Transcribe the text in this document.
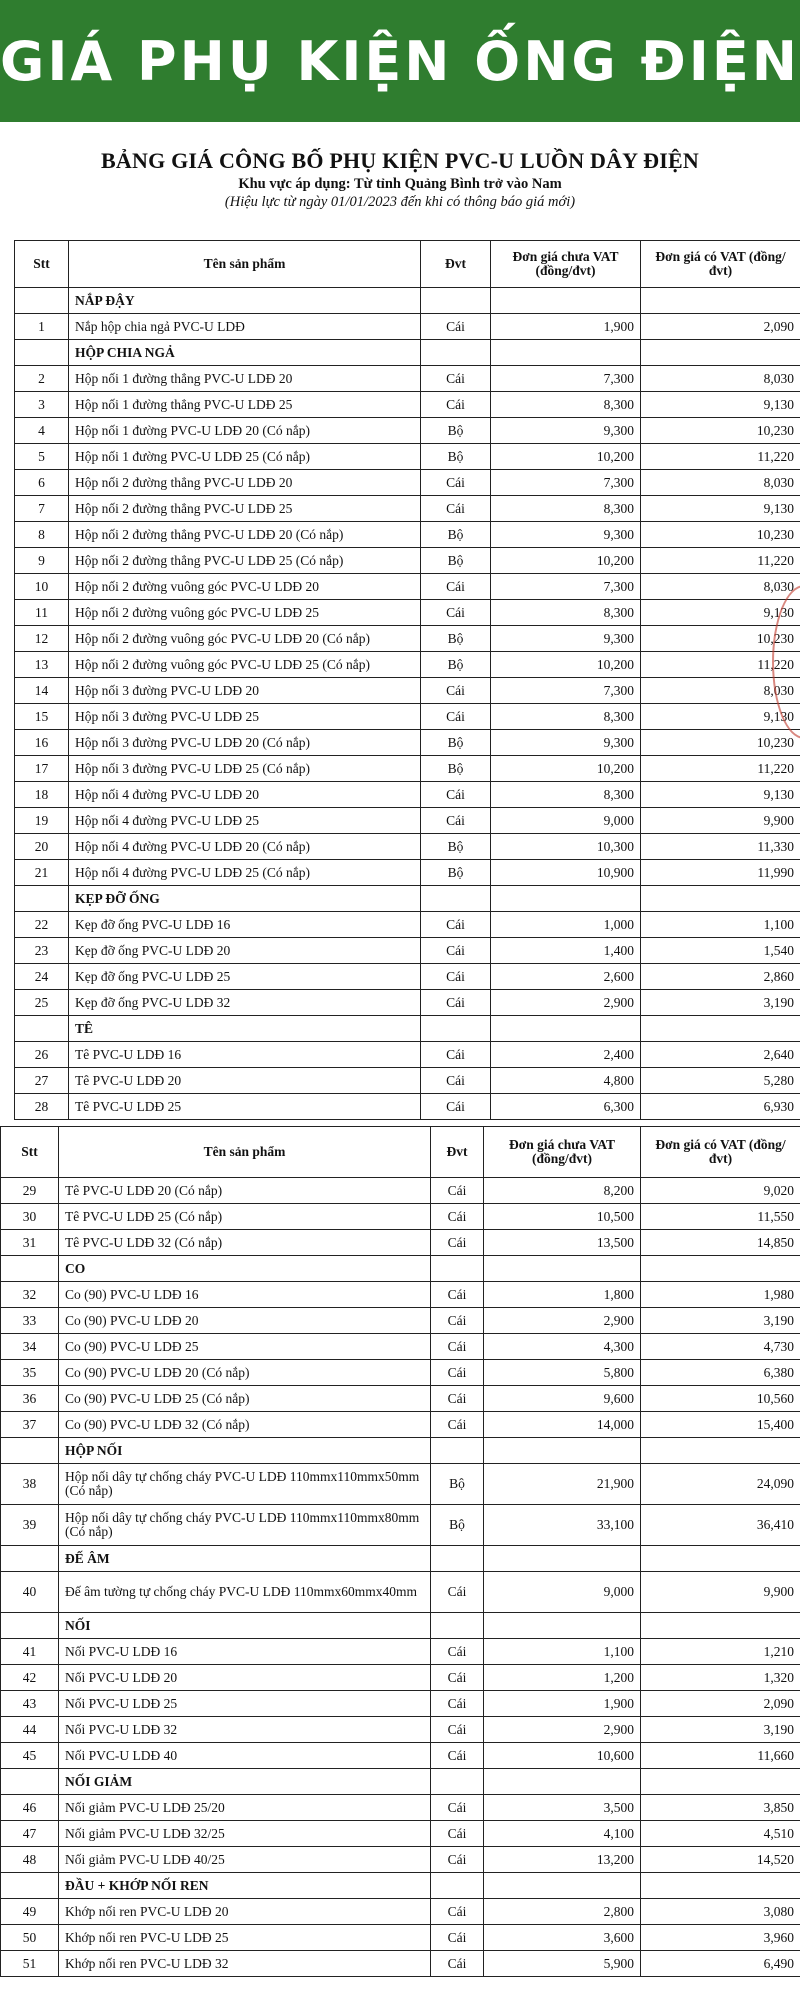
GIÁ PHỤ KIỆN ỐNG ĐIỆN
BẢNG GIÁ CÔNG BỐ PHỤ KIỆN PVC-U LUỒN DÂY ĐIỆN
Khu vực áp dụng: Từ tỉnh Quảng Bình trở vào Nam
(Hiệu lực từ ngày 01/01/2023 đến khi có thông báo giá mới)
Stt	Tên sản phẩm	Đvt	Đơn giá chưa VAT (đồng/đvt)	Đơn giá có VAT (đồng/đvt)
	NẮP ĐẬY			
1	Nắp hộp chia ngả PVC-U LDĐ	Cái	1,900	2,090
	HỘP CHIA NGẢ			
2	Hộp nối 1 đường thẳng PVC-U LDĐ 20	Cái	7,300	8,030
3	Hộp nối 1 đường thẳng PVC-U LDĐ 25	Cái	8,300	9,130
4	Hộp nối 1 đường PVC-U LDĐ 20 (Có nắp)	Bộ	9,300	10,230
5	Hộp nối 1 đường PVC-U LDĐ 25 (Có nắp)	Bộ	10,200	11,220
6	Hộp nối 2 đường thẳng PVC-U LDĐ 20	Cái	7,300	8,030
7	Hộp nối 2 đường thẳng PVC-U LDĐ 25	Cái	8,300	9,130
8	Hộp nối 2 đường thẳng PVC-U LDĐ 20 (Có nắp)	Bộ	9,300	10,230
9	Hộp nối 2 đường thẳng PVC-U LDĐ 25 (Có nắp)	Bộ	10,200	11,220
10	Hộp nối 2 đường vuông góc PVC-U LDĐ 20	Cái	7,300	8,030
11	Hộp nối 2 đường vuông góc PVC-U LDĐ 25	Cái	8,300	9,130
12	Hộp nối 2 đường vuông góc PVC-U LDĐ 20 (Có nắp)	Bộ	9,300	10,230
13	Hộp nối 2 đường vuông góc PVC-U LDĐ 25 (Có nắp)	Bộ	10,200	11,220
14	Hộp nối 3 đường PVC-U LDĐ 20	Cái	7,300	8,030
15	Hộp nối 3 đường PVC-U LDĐ 25	Cái	8,300	9,130
16	Hộp nối 3 đường PVC-U LDĐ 20 (Có nắp)	Bộ	9,300	10,230
17	Hộp nối 3 đường PVC-U LDĐ 25 (Có nắp)	Bộ	10,200	11,220
18	Hộp nối 4 đường PVC-U LDĐ 20	Cái	8,300	9,130
19	Hộp nối 4 đường PVC-U LDĐ 25	Cái	9,000	9,900
20	Hộp nối 4 đường PVC-U LDĐ 20 (Có nắp)	Bộ	10,300	11,330
21	Hộp nối 4 đường PVC-U LDĐ 25 (Có nắp)	Bộ	10,900	11,990
	KẸP ĐỠ ỐNG			
22	Kẹp đỡ ống PVC-U LDĐ 16	Cái	1,000	1,100
23	Kẹp đỡ ống PVC-U LDĐ 20	Cái	1,400	1,540
24	Kẹp đỡ ống PVC-U LDĐ 25	Cái	2,600	2,860
25	Kẹp đỡ ống PVC-U LDĐ 32	Cái	2,900	3,190
	TÊ			
26	Tê PVC-U LDĐ 16	Cái	2,400	2,640
27	Tê PVC-U LDĐ 20	Cái	4,800	5,280
28	Tê PVC-U LDĐ 25	Cái	6,300	6,930
Stt	Tên sản phẩm	Đvt	Đơn giá chưa VAT (đồng/đvt)	Đơn giá có VAT (đồng/đvt)
29	Tê PVC-U LDĐ 20 (Có nắp)	Cái	8,200	9,020
30	Tê PVC-U LDĐ 25 (Có nắp)	Cái	10,500	11,550
31	Tê PVC-U LDĐ 32 (Có nắp)	Cái	13,500	14,850
	CO			
32	Co (90) PVC-U LDĐ 16	Cái	1,800	1,980
33	Co (90) PVC-U LDĐ 20	Cái	2,900	3,190
34	Co (90) PVC-U LDĐ 25	Cái	4,300	4,730
35	Co (90) PVC-U LDĐ 20 (Có nắp)	Cái	5,800	6,380
36	Co (90) PVC-U LDĐ 25 (Có nắp)	Cái	9,600	10,560
37	Co (90) PVC-U LDĐ 32 (Có nắp)	Cái	14,000	15,400
	HỘP NỐI			
38	Hộp nối dây tự chống cháy PVC-U LDĐ 110mmx110mmx50mm (Có nắp)	Bộ	21,900	24,090
39	Hộp nối dây tự chống cháy PVC-U LDĐ 110mmx110mmx80mm (Có nắp)	Bộ	33,100	36,410
	ĐẾ ÂM			
40	Đế âm tường tự chống cháy PVC-U LDĐ 110mmx60mmx40mm	Cái	9,000	9,900
	NỐI			
41	Nối PVC-U LDĐ 16	Cái	1,100	1,210
42	Nối PVC-U LDĐ 20	Cái	1,200	1,320
43	Nối PVC-U LDĐ 25	Cái	1,900	2,090
44	Nối PVC-U LDĐ 32	Cái	2,900	3,190
45	Nối PVC-U LDĐ 40	Cái	10,600	11,660
	NỐI GIẢM			
46	Nối giảm PVC-U LDĐ 25/20	Cái	3,500	3,850
47	Nối giảm PVC-U LDĐ 32/25	Cái	4,100	4,510
48	Nối giảm PVC-U LDĐ 40/25	Cái	13,200	14,520
	ĐẦU + KHỚP NỐI REN			
49	Khớp nối ren PVC-U LDĐ 20	Cái	2,800	3,080
50	Khớp nối ren PVC-U LDĐ 25	Cái	3,600	3,960
51	Khớp nối ren PVC-U LDĐ 32	Cái	5,900	6,490
